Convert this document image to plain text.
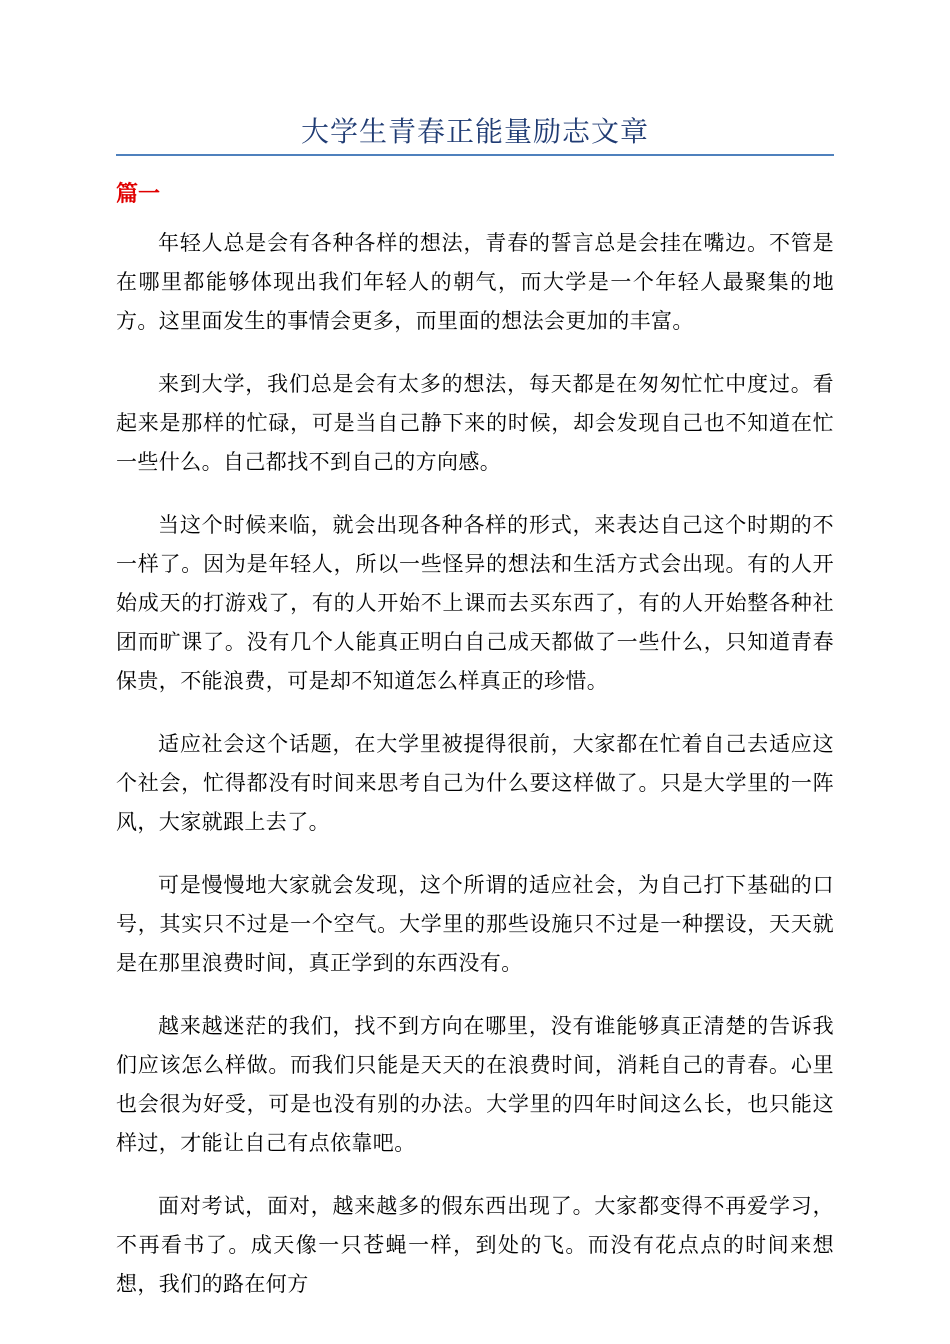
大学生青春正能量励志文章
篇一

年轻人总是会有各种各样的想法，青春的誓言总是会挂在嘴边。不管是在哪里都能够体现出我们年轻人的朝气，而大学是一个年轻人最聚集的地方。这里面发生的事情会更多，而里面的想法会更加的丰富。

来到大学，我们总是会有太多的想法，每天都是在匆匆忙忙中度过。看起来是那样的忙碌，可是当自己静下来的时候，却会发现自己也不知道在忙一些什么。自己都找不到自己的方向感。

当这个时候来临，就会出现各种各样的形式，来表达自己这个时期的不一样了。因为是年轻人，所以一些怪异的想法和生活方式会出现。有的人开始成天的打游戏了，有的人开始不上课而去买东西了，有的人开始整各种社团而旷课了。没有几个人能真正明白自己成天都做了一些什么，只知道青春保贵，不能浪费，可是却不知道怎么样真正的珍惜。

适应社会这个话题，在大学里被提得很前，大家都在忙着自己去适应这个社会，忙得都没有时间来思考自己为什么要这样做了。只是大学里的一阵风，大家就跟上去了。

可是慢慢地大家就会发现，这个所谓的适应社会，为自己打下基础的口号，其实只不过是一个空气。大学里的那些设施只不过是一种摆设，天天就是在那里浪费时间，真正学到的东西没有。

越来越迷茫的我们，找不到方向在哪里，没有谁能够真正清楚的告诉我们应该怎么样做。而我们只能是天天的在浪费时间，消耗自己的青春。心里也会很为好受，可是也没有别的办法。大学里的四年时间这么长，也只能这样过，才能让自己有点依靠吧。

面对考试，面对，越来越多的假东西出现了。大家都变得不再爱学习，不再看书了。成天像一只苍蝇一样，到处的飞。而没有花点点的时间来想想，我们的路在何方
